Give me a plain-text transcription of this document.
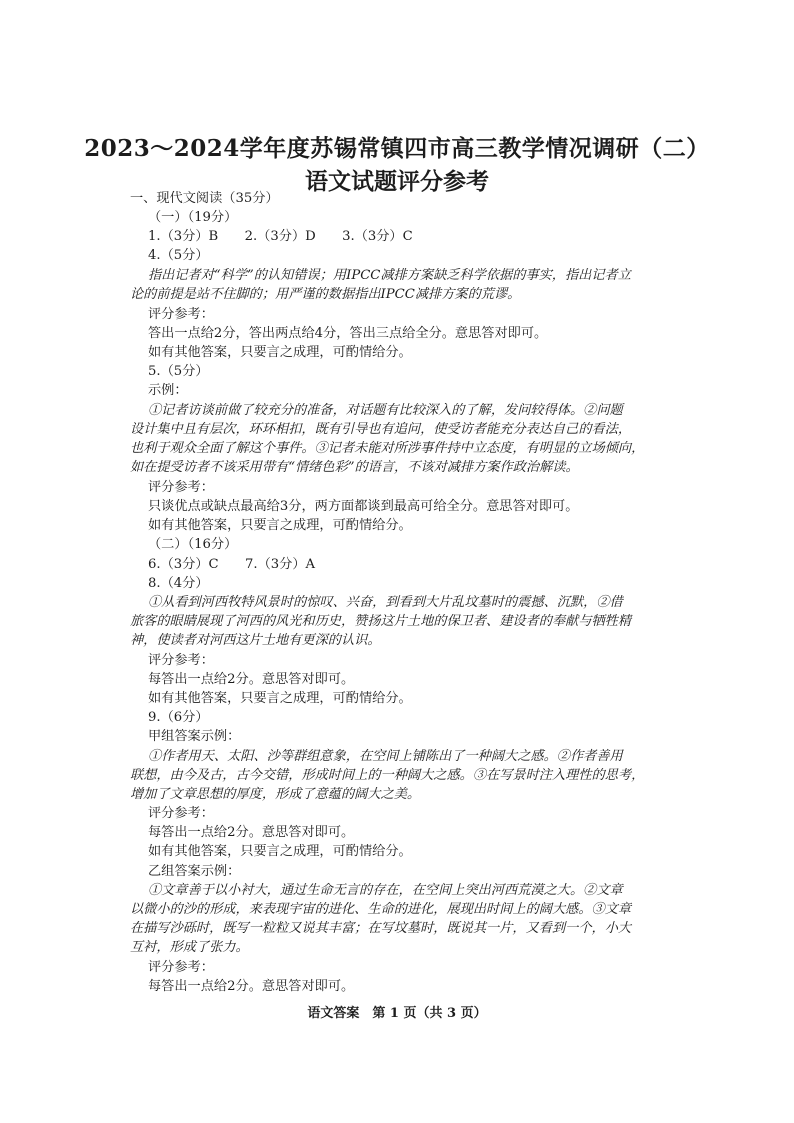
2023～2024学年度苏锡常镇四市高三教学情况调研（二）
语文试题评分参考
一、现代文阅读（35分）
（一）（19分）
1.（3分）B　　2.（3分）D　　3.（3分）C
4.（5分）
指出记者对“科学”的认知错误；用IPCC减排方案缺乏科学依据的事实，指出记者立
论的前提是站不住脚的；用严谨的数据指出IPCC减排方案的荒谬。
评分参考：
答出一点给2分，答出两点给4分，答出三点给全分。意思答对即可。
如有其他答案，只要言之成理，可酌情给分。
5.（5分）
示例：
①记者访谈前做了较充分的准备，对话题有比较深入的了解，发问较得体。②问题
设计集中且有层次，环环相扣，既有引导也有追问，使受访者能充分表达自己的看法，
也利于观众全面了解这个事件。③记者未能对所涉事件持中立态度，有明显的立场倾向，
如在提受访者不该采用带有“情绪色彩”的语言，不该对减排方案作政治解读。
评分参考：
只谈优点或缺点最高给3分，两方面都谈到最高可给全分。意思答对即可。
如有其他答案，只要言之成理，可酌情给分。
（二）（16分）
6.（3分）C　　7.（3分）A
8.（4分）
①从看到河西牧特风景时的惊叹、兴奋，到看到大片乱坟墓时的震撼、沉默，②借
旅客的眼睛展现了河西的风光和历史，赞扬这片土地的保卫者、建设者的奉献与牺牲精
神，使读者对河西这片土地有更深的认识。
评分参考：
每答出一点给2分。意思答对即可。
如有其他答案，只要言之成理，可酌情给分。
9.（6分）
甲组答案示例：
①作者用天、太阳、沙等群组意象，在空间上铺陈出了一种阔大之感。②作者善用
联想，由今及古，古今交错，形成时间上的一种阔大之感。③在写景时注入理性的思考，
增加了文章思想的厚度，形成了意蕴的阔大之美。
评分参考：
每答出一点给2分。意思答对即可。
如有其他答案，只要言之成理，可酌情给分。
乙组答案示例：
①文章善于以小衬大，通过生命无言的存在，在空间上突出河西荒漠之大。②文章
以微小的沙的形成，来表现宇宙的进化、生命的进化，展现出时间上的阔大感。③文章
在描写沙砾时，既写一粒粒又说其丰富；在写坟墓时，既说其一片，又看到一个，小大
互衬，形成了张力。
评分参考：
每答出一点给2分。意思答对即可。
语文答案　第 1 页（共 3 页）
